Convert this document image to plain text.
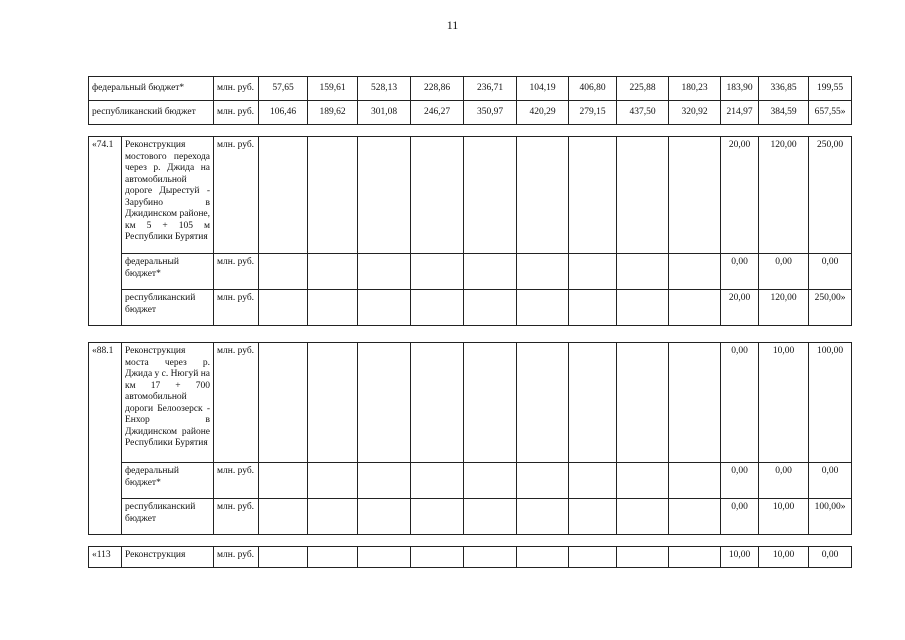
11
федеральный бюджет*	млн. руб.	57,65	159,61	528,13	228,86	236,71	104,19	406,80	225,88	180,23	183,90	336,85	199,55
республиканский бюджет	млн. руб.	106,46	189,62	301,08	246,27	350,97	420,29	279,15	437,50	320,92	214,97	384,59	657,55»
«74.1	Реконструкция мостового перехода через р. Джида на автомобильной дороге Дырестуй - Зарубино в Джидинском районе, км 5 + 105 м Республики Бурятия	млн. руб.										20,00	120,00	250,00
	федеральный бюджет*	млн. руб.										0,00	0,00	0,00
	республиканский бюджет	млн. руб.										20,00	120,00	250,00»
«88.1	Реконструкция моста через р. Джида у с. Нюгуй на км 17 + 700 автомобильной дороги Белоозерск - Енхор в Джидинском районе Республики Бурятия	млн. руб.										0,00	10,00	100,00
	федеральный бюджет*	млн. руб.										0,00	0,00	0,00
	республиканский бюджет	млн. руб.										0,00	10,00	100,00»
«113	Реконструкция	млн. руб.										10,00	10,00	0,00
